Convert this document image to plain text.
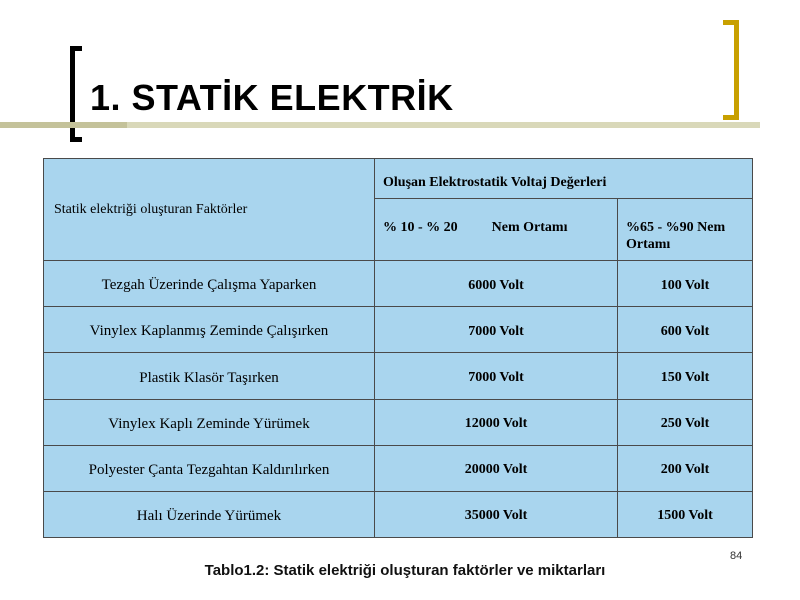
1. STATİK ELEKTRİK
Statik elektriği oluşturan Faktörler	Oluşan Elektrostatik Voltaj Değerleri	
	% 10 - % 20 Nem Ortamı	%65 - %90 Nem Ortamı
Tezgah Üzerinde Çalışma Yaparken	6000 Volt	100 Volt
Vinylex Kaplanmış Zeminde Çalışırken	7000 Volt	600 Volt
Plastik Klasör Taşırken	7000 Volt	150 Volt
Vinylex Kaplı Zeminde Yürümek	12000 Volt	250 Volt
Polyester Çanta Tezgahtan Kaldırılırken	20000 Volt	200 Volt
Halı Üzerinde Yürümek	35000 Volt	1500 Volt
84
Tablo1.2: Statik elektriği oluşturan faktörler ve miktarları
